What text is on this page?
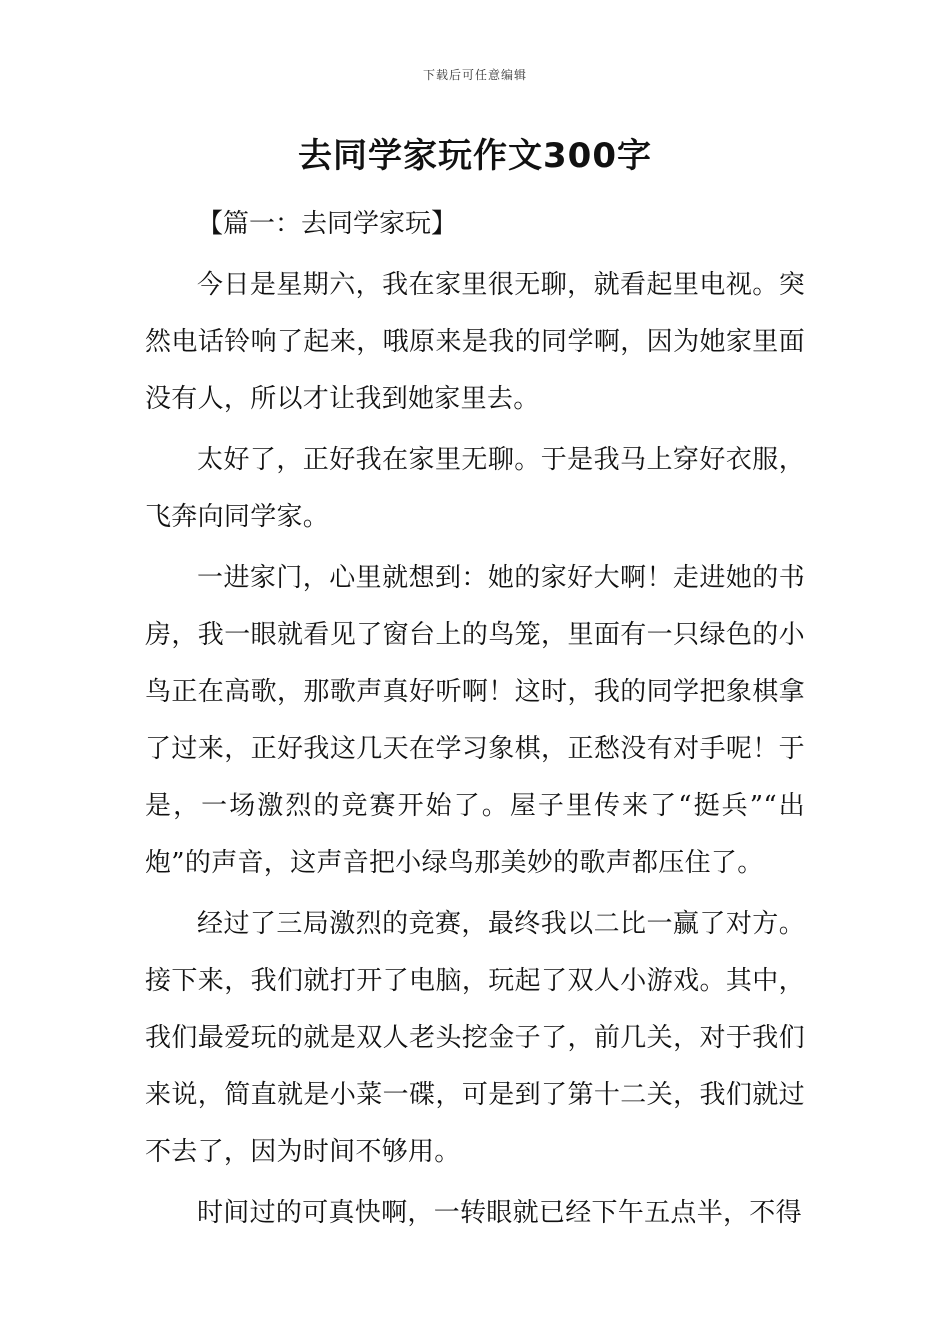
下载后可任意编辑
去同学家玩作文300字

【篇一：去同学家玩】

今日是星期六，我在家里很无聊，就看起里电视。突然电话铃响了起来，哦原来是我的同学啊，因为她家里面没有人，所以才让我到她家里去。

太好了，正好我在家里无聊。于是我马上穿好衣服，飞奔向同学家。

一进家门，心里就想到：她的家好大啊！走进她的书房，我一眼就看见了窗台上的鸟笼，里面有一只绿色的小鸟正在高歌，那歌声真好听啊！这时，我的同学把象棋拿了过来，正好我这几天在学习象棋，正愁没有对手呢！于是，一场激烈的竞赛开始了。屋子里传来了“挺兵”“出炮”的声音，这声音把小绿鸟那美妙的歌声都压住了。

经过了三局激烈的竞赛，最终我以二比一赢了对方。接下来，我们就打开了电脑，玩起了双人小游戏。其中，我们最爱玩的就是双人老头挖金子了，前几关，对于我们来说，简直就是小菜一碟，可是到了第十二关，我们就过不去了，因为时间不够用。

时间过的可真快啊，一转眼就已经下午五点半，不得
